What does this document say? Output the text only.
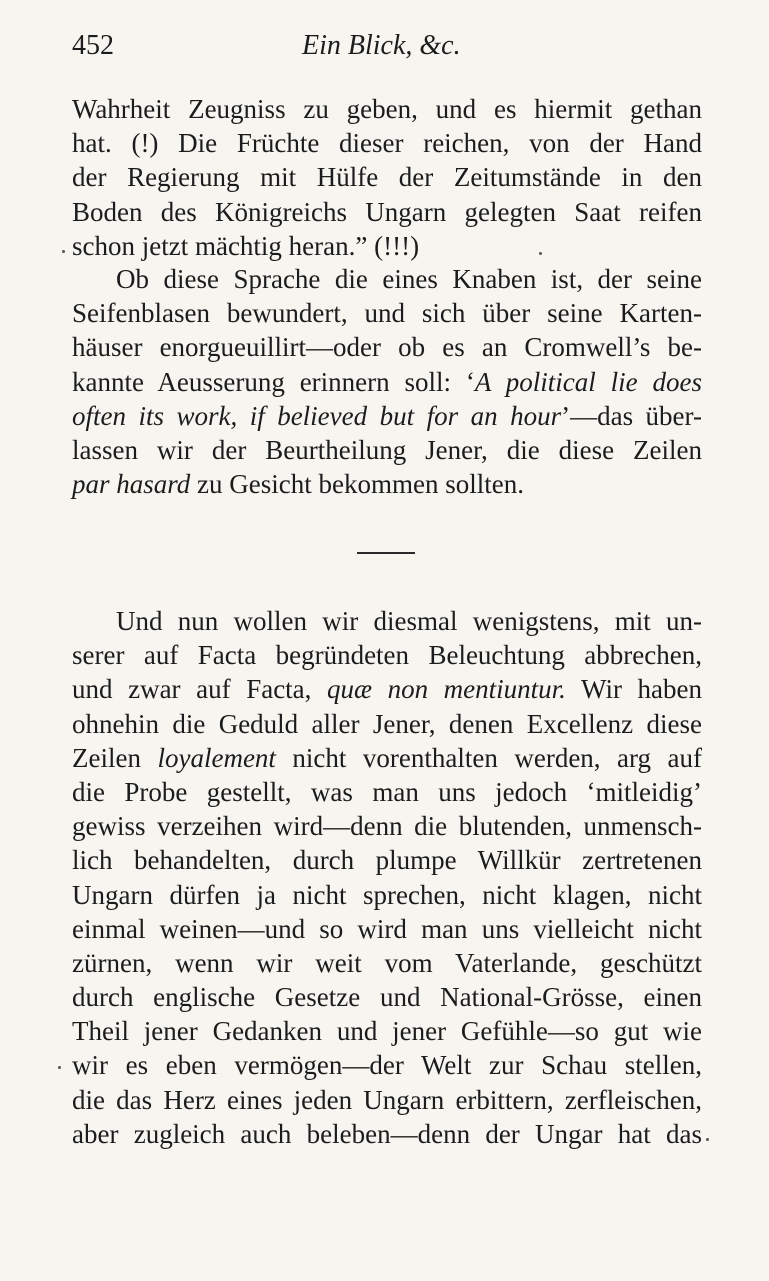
452	Ein Blick, &c.
Wahrheit Zeugniss zu geben, und es hiermit gethan
hat. (!) Die Früchte dieser reichen, von der Hand
der Regierung mit Hülfe der Zeitumstände in den
Boden des Königreichs Ungarn gelegten Saat reifen
schon jetzt mächtig heran.” (!!!)
Ob diese Sprache die eines Knaben ist, der seine
Seifenblasen bewundert, und sich über seine Karten-
häuser enorgueuillirt—oder ob es an Cromwell’s be-
kannte Aeusserung erinnern soll: ‘A political lie does
often its work, if believed but for an hour’—das über-
lassen wir der Beurtheilung Jener, die diese Zeilen
par hasard zu Gesicht bekommen sollten.
Und nun wollen wir diesmal wenigstens, mit un-
serer auf Facta begründeten Beleuchtung abbrechen,
und zwar auf Facta, quæ non mentiuntur. Wir haben
ohnehin die Geduld aller Jener, denen Excellenz diese
Zeilen loyalement nicht vorenthalten werden, arg auf
die Probe gestellt, was man uns jedoch ‘mitleidig’
gewiss verzeihen wird—denn die blutenden, unmensch-
lich behandelten, durch plumpe Willkür zertretenen
Ungarn dürfen ja nicht sprechen, nicht klagen, nicht
einmal weinen—und so wird man uns vielleicht nicht
zürnen, wenn wir weit vom Vaterlande, geschützt
durch englische Gesetze und National-Grösse, einen
Theil jener Gedanken und jener Gefühle—so gut wie
wir es eben vermögen—der Welt zur Schau stellen,
die das Herz eines jeden Ungarn erbittern, zerfleischen,
aber zugleich auch beleben—denn der Ungar hat das
